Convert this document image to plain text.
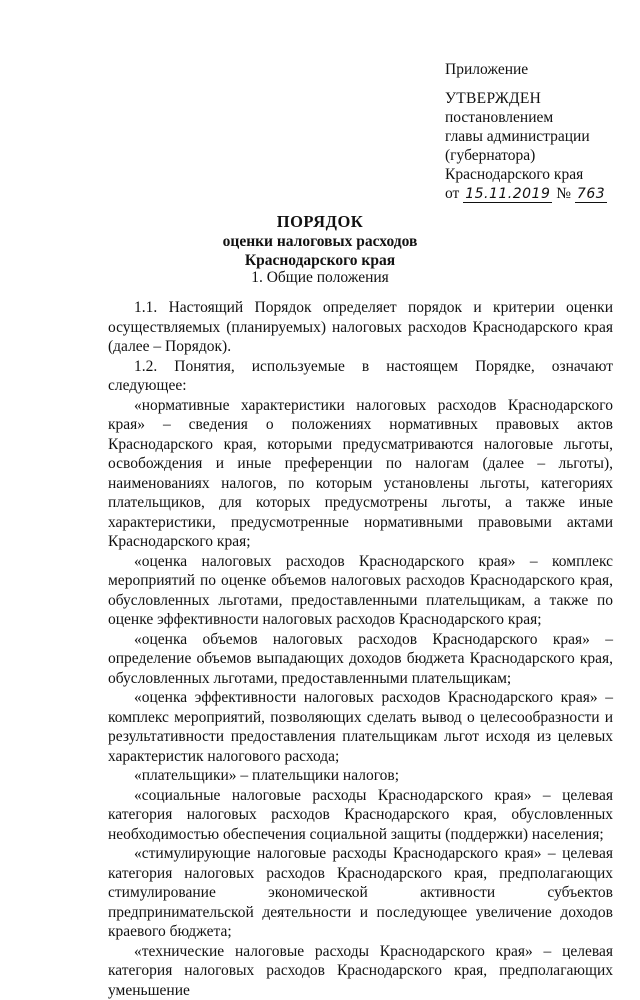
Приложение
УТВЕРЖДЕН
постановлением
главы администрации
(губернатора)
Краснодарского края
от 15.11.2019 № 763
ПОРЯДОК
оценки налоговых расходов
Краснодарского края
1. Общие положения

1.1. Настоящий Порядок определяет порядок и критерии оценки осуществляемых (планируемых) налоговых расходов Краснодарского края (далее – Порядок).

1.2. Понятия, используемые в настоящем Порядке, означают следующее:

«нормативные характеристики налоговых расходов Краснодарского края» – сведения о положениях нормативных правовых актов Краснодарского края, которыми предусматриваются налоговые льготы, освобождения и иные преференции по налогам (далее – льготы), наименованиях налогов, по которым установлены льготы, категориях плательщиков, для которых предусмотрены льготы, а также иные характеристики, предусмотренные нормативными правовыми актами Краснодарского края;

«оценка налоговых расходов Краснодарского края» – комплекс мероприятий по оценке объемов налоговых расходов Краснодарского края, обусловленных льготами, предоставленными плательщикам, а также по оценке эффективности налоговых расходов Краснодарского края;

«оценка объемов налоговых расходов Краснодарского края» – определение объемов выпадающих доходов бюджета Краснодарского края, обусловленных льготами, предоставленными плательщикам;

«оценка эффективности налоговых расходов Краснодарского края» – комплекс мероприятий, позволяющих сделать вывод о целесообразности и результативности предоставления плательщикам льгот исходя из целевых характеристик налогового расхода;

«плательщики» – плательщики налогов;

«социальные налоговые расходы Краснодарского края» – целевая категория налоговых расходов Краснодарского края, обусловленных необходимостью обеспечения социальной защиты (поддержки) населения;

«стимулирующие налоговые расходы Краснодарского края» – целевая категория налоговых расходов Краснодарского края, предполагающих стимулирование экономической активности субъектов предпринимательской деятельности и последующее увеличение доходов краевого бюджета;

«технические налоговые расходы Краснодарского края» – целевая категория налоговых расходов Краснодарского края, предполагающих уменьшение
